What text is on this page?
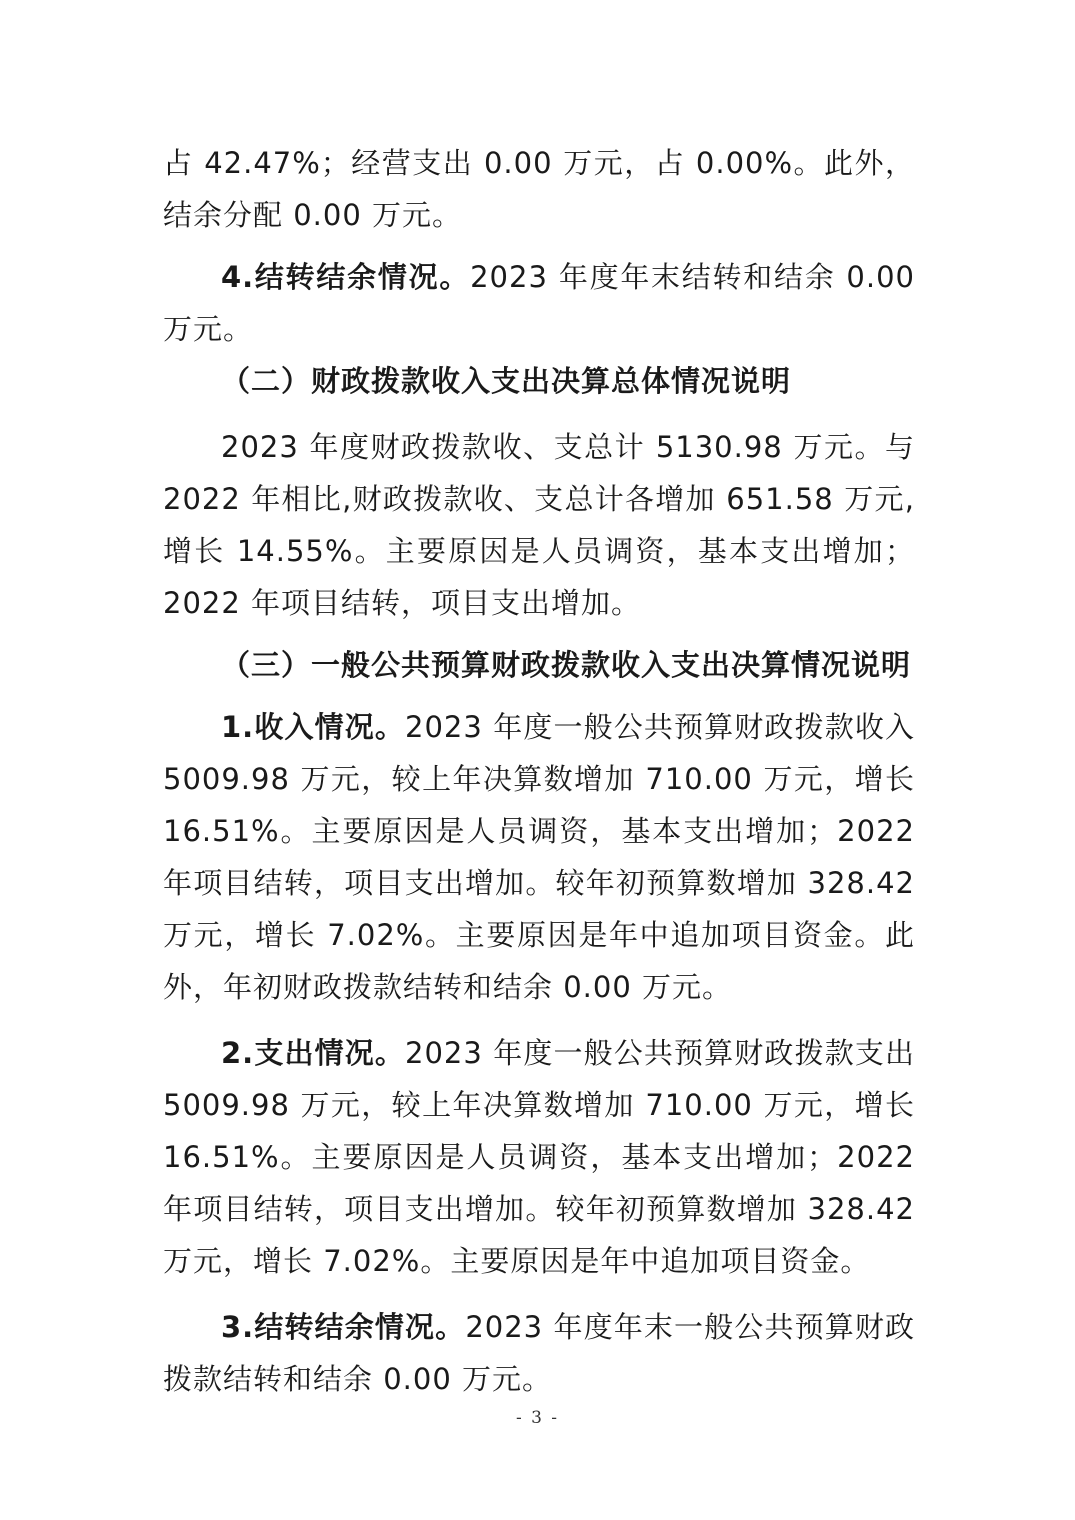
占 42.47%；经营支出 0.00 万元，占 0.00%。此外，结余分配 0.00 万元。

4.结转结余情况。2023 年度年末结转和结余 0.00 万元。

（二）财政拨款收入支出决算总体情况说明

2023 年度财政拨款收、支总计 5130.98 万元。与 2022 年相比,财政拨款收、支总计各增加 651.58 万元,增长 14.55%。主要原因是人员调资，基本支出增加；2022 年项目结转，项目支出增加。

（三）一般公共预算财政拨款收入支出决算情况说明

1.收入情况。2023 年度一般公共预算财政拨款收入 5009.98 万元，较上年决算数增加 710.00 万元，增长 16.51%。主要原因是人员调资，基本支出增加；2022 年项目结转，项目支出增加。较年初预算数增加 328.42 万元，增长 7.02%。主要原因是年中追加项目资金。此外，年初财政拨款结转和结余 0.00 万元。

2.支出情况。2023 年度一般公共预算财政拨款支出 5009.98 万元，较上年决算数增加 710.00 万元，增长 16.51%。主要原因是人员调资，基本支出增加；2022 年项目结转，项目支出增加。较年初预算数增加 328.42 万元，增长 7.02%。主要原因是年中追加项目资金。

3.结转结余情况。2023 年度年末一般公共预算财政拨款结转和结余 0.00 万元。

- 3 -
